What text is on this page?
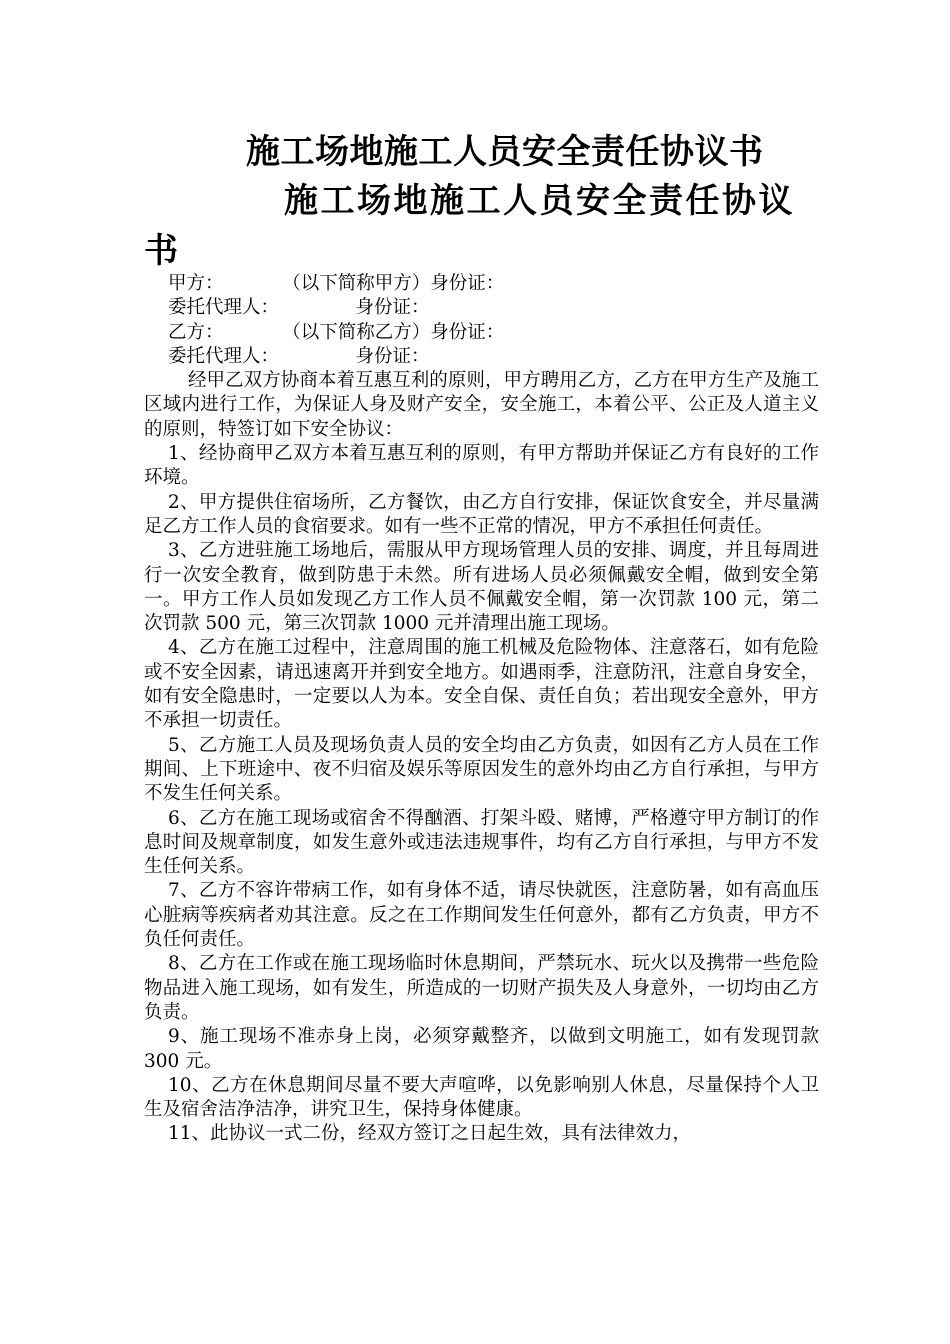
施工场地施工人员安全责任协议书
施工场地施工人员安全责任协议书

甲方：          （以下简称甲方）身份证：

委托代理人：             身份证：

乙方：          （以下简称乙方）身份证：

委托代理人：             身份证：

经甲乙双方协商本着互惠互利的原则，甲方聘用乙方，乙方在甲方生产及施工区域内进行工作，为保证人身及财产安全，安全施工，本着公平、公正及人道主义的原则，特签订如下安全协议：

1、经协商甲乙双方本着互惠互利的原则，有甲方帮助并保证乙方有良好的工作环境。

2、甲方提供住宿场所，乙方餐饮，由乙方自行安排，保证饮食安全，并尽量满足乙方工作人员的食宿要求。如有一些不正常的情况，甲方不承担任何责任。

3、乙方进驻施工场地后，需服从甲方现场管理人员的安排、调度，并且每周进行一次安全教育，做到防患于未然。所有进场人员必须佩戴安全帽，做到安全第一。甲方工作人员如发现乙方工作人员不佩戴安全帽，第一次罚款 100 元，第二次罚款 500 元，第三次罚款 1000 元并清理出施工现场。

4、乙方在施工过程中，注意周围的施工机械及危险物体、注意落石，如有危险或不安全因素，请迅速离开并到安全地方。如遇雨季，注意防汛，注意自身安全，如有安全隐患时，一定要以人为本。安全自保、责任自负；若出现安全意外，甲方不承担一切责任。

5、乙方施工人员及现场负责人员的安全均由乙方负责，如因有乙方人员在工作期间、上下班途中、夜不归宿及娱乐等原因发生的意外均由乙方自行承担，与甲方不发生任何关系。

6、乙方在施工现场或宿舍不得酗酒、打架斗殴、赌博，严格遵守甲方制订的作息时间及规章制度，如发生意外或违法违规事件，均有乙方自行承担，与甲方不发生任何关系。

7、乙方不容许带病工作，如有身体不适，请尽快就医，注意防暑，如有高血压心脏病等疾病者劝其注意。反之在工作期间发生任何意外，都有乙方负责，甲方不负任何责任。

8、乙方在工作或在施工现场临时休息期间，严禁玩水、玩火以及携带一些危险物品进入施工现场，如有发生，所造成的一切财产损失及人身意外，一切均由乙方负责。

9、施工现场不准赤身上岗，必须穿戴整齐，以做到文明施工，如有发现罚款 300 元。

10、乙方在休息期间尽量不要大声喧哗，以免影响别人休息，尽量保持个人卫生及宿舍洁净洁净，讲究卫生，保持身体健康。

11、此协议一式二份，经双方签订之日起生效，具有法律效力，
